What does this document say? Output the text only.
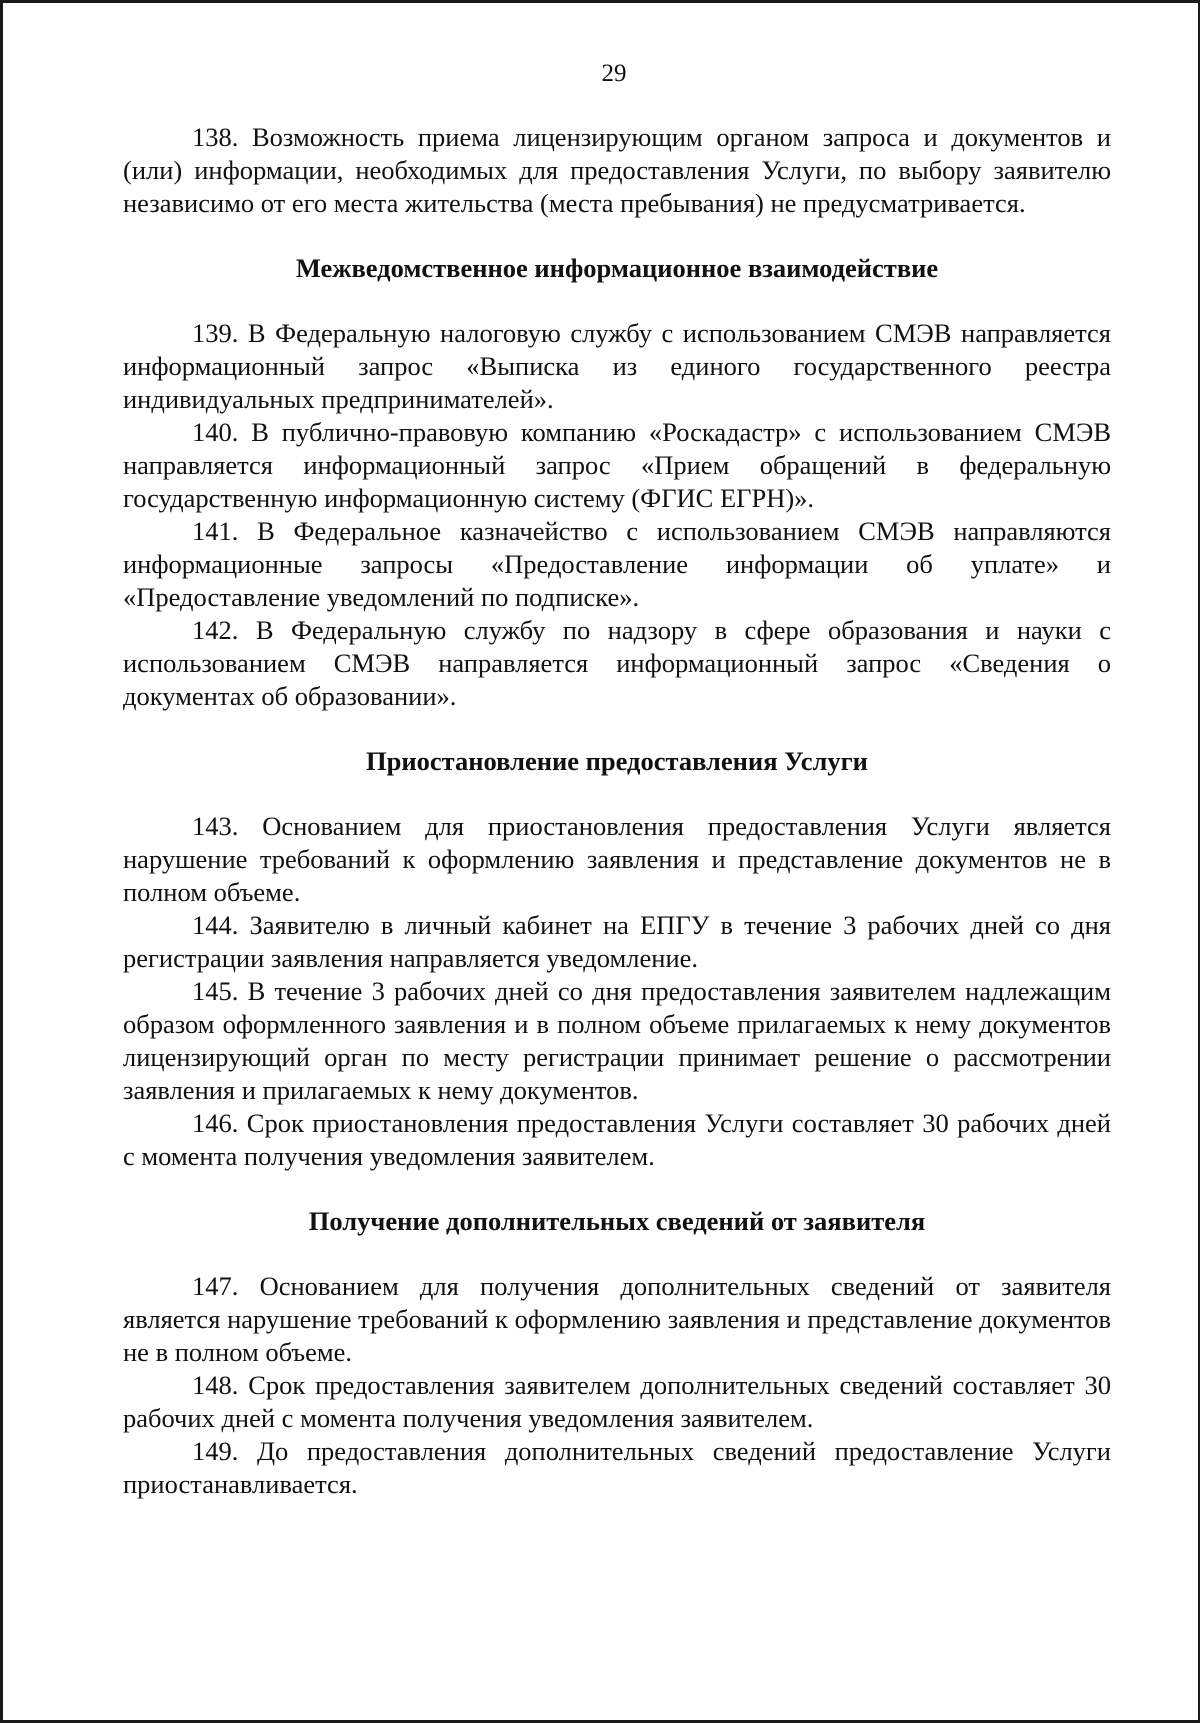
29

138. Возможность приема лицензирующим органом запроса и документов и (или) информации, необходимых для предоставления Услуги, по выбору заявителю независимо от его места жительства (места пребывания) не предусматривается.

Межведомственное информационное взаимодействие

139. В Федеральную налоговую службу с использованием СМЭВ направляется информационный запрос «Выписка из единого государственного реестра индивидуальных предпринимателей».

140. В публично-правовую компанию «Роскадастр» с использованием СМЭВ направляется информационный запрос «Прием обращений в федеральную государственную информационную систему (ФГИС ЕГРН)».

141. В Федеральное казначейство с использованием СМЭВ направляются информационные запросы «Предоставление информации об уплате» и «Предоставление уведомлений по подписке».

142. В Федеральную службу по надзору в сфере образования и науки с использованием СМЭВ направляется информационный запрос «Сведения о документах об образовании».

Приостановление предоставления Услуги

143. Основанием для приостановления предоставления Услуги является нарушение требований к оформлению заявления и представление документов не в полном объеме.

144. Заявителю в личный кабинет на ЕПГУ в течение 3 рабочих дней со дня регистрации заявления направляется уведомление.

145. В течение 3 рабочих дней со дня предоставления заявителем надлежащим образом оформленного заявления и в полном объеме прилагаемых к нему документов лицензирующий орган по месту регистрации принимает решение о рассмотрении заявления и прилагаемых к нему документов.

146. Срок приостановления предоставления Услуги составляет 30 рабочих дней с момента получения уведомления заявителем.

Получение дополнительных сведений от заявителя

147. Основанием для получения дополнительных сведений от заявителя является нарушение требований к оформлению заявления и представление документов не в полном объеме.

148. Срок предоставления заявителем дополнительных сведений составляет 30 рабочих дней с момента получения уведомления заявителем.

149. До предоставления дополнительных сведений предоставление Услуги приостанавливается.
